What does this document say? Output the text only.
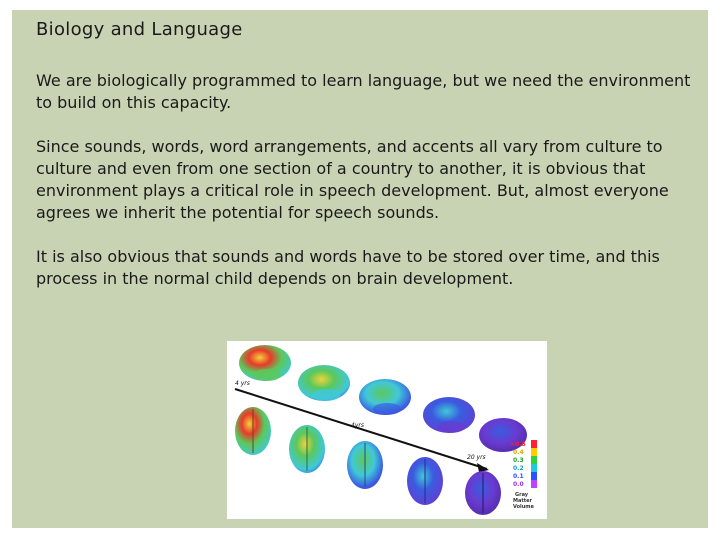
Biology and Language

We are biologically programmed to learn language, but we need the environment to build on this capacity.

Since sounds, words, word arrangements, and accents all vary from culture to culture and even from one section of a country to another, it is obvious that environment plays a critical role in speech development. But, almost everyone agrees we inherit the potential for speech sounds.

It is also obvious that sounds and words have to be stored over time, and this process in the normal child depends on brain development.

4 yrs
4yrs
20 yrs
>0.5
0.4
0.3
0.2
0.1
0.0
Gray
Matter
Volume
